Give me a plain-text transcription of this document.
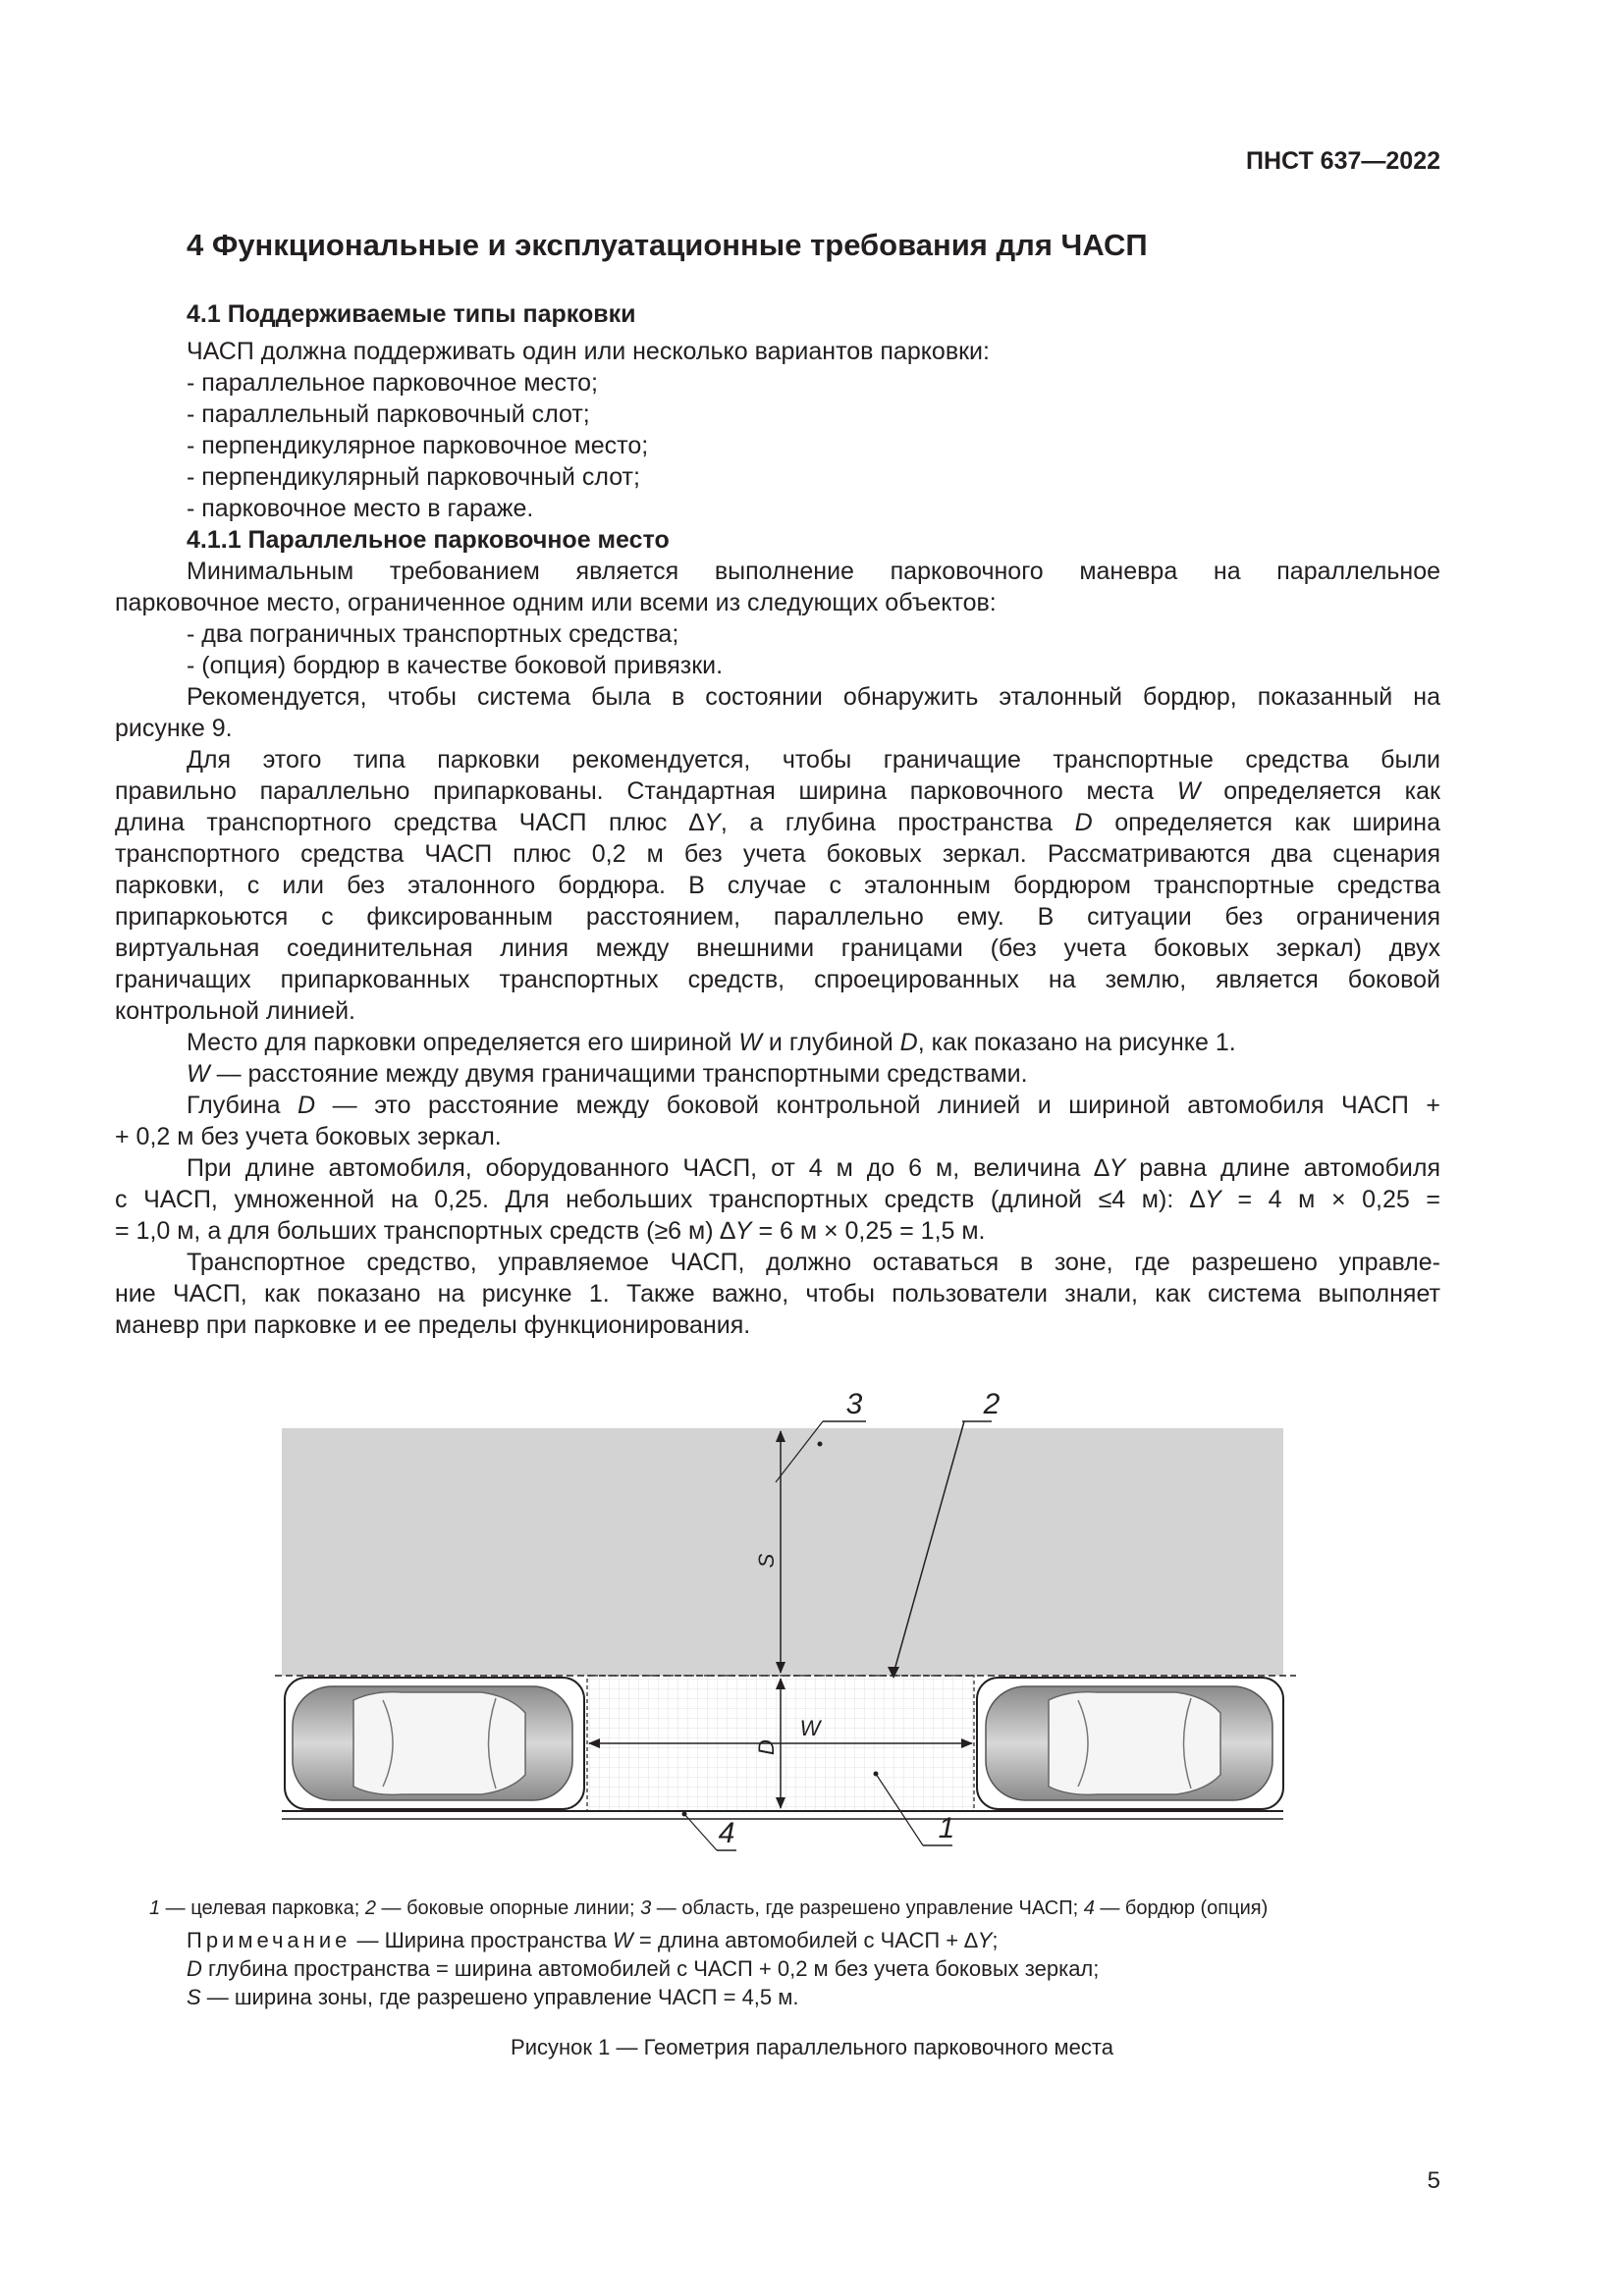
ПНСТ 637—2022
4 Функциональные и эксплуатационные требования для ЧАСП
4.1 Поддерживаемые типы парковки
ЧАСП должна поддерживать один или несколько вариантов парковки:
- параллельное парковочное место;
- параллельный парковочный слот;
- перпендикулярное парковочное место;
- перпендикулярный парковочный слот;
- парковочное место в гараже.
4.1.1 Параллельное парковочное место
Минимальным требованием является выполнение парковочного маневра на параллельное
парковочное место, ограниченное одним или всеми из следующих объектов:
- два пограничных транспортных средства;
- (опция) бордюр в качестве боковой привязки.
Рекомендуется, чтобы система была в состоянии обнаружить эталонный бордюр, показанный на
рисунке 9.
Для этого типа парковки рекомендуется, чтобы граничащие транспортные средства были
правильно параллельно припаркованы. Стандартная ширина парковочного места W определяется как
длина транспортного средства ЧАСП плюс ∆Y, а глубина пространства D определяется как ширина
транспортного средства ЧАСП плюс 0,2 м без учета боковых зеркал. Рассматриваются два сценария
парковки, с или без эталонного бордюра. В случае с эталонным бордюром транспортные средства
припаркоьются с фиксированным расстоянием, параллельно ему. В ситуации без ограничения
виртуальная соединительная линия между внешними границами (без учета боковых зеркал) двух
граничащих припаркованных транспортных средств, спроецированных на землю, является боковой
контрольной линией.
Место для парковки определяется его шириной W и глубиной D, как показано на рисунке 1.
W — расстояние между двумя граничащими транспортными средствами.
Глубина D — это расстояние между боковой контрольной линией и шириной автомобиля ЧАСП +
+ 0,2 м без учета боковых зеркал.
При длине автомобиля, оборудованного ЧАСП, от 4 м до 6 м, величина ∆Y равна длине автомобиля
с ЧАСП, умноженной на 0,25. Для небольших транспортных средств (длиной ≤4 м): ∆Y = 4 м × 0,25 =
= 1,0 м, а для больших транспортных средств (≥6 м) ∆Y = 6 м × 0,25 = 1,5 м.
Транспортное средство, управляемое ЧАСП, должно оставаться в зоне, где разрешено управле-
ние ЧАСП, как показано на рисунке 1. Также важно, чтобы пользователи знали, как система выполняет
маневр при парковке и ее пределы функционирования.
S
D
W
3	2
1
4
1 — целевая парковка; 2 — боковые опорные линии; 3 — область, где разрешено управление ЧАСП; 4 — бордюр (опция)
Примечание — Ширина пространства W = длина автомобилей с ЧАСП + ∆Y;
D глубина пространства = ширина автомобилей с ЧАСП + 0,2 м без учета боковых зеркал;
S — ширина зоны, где разрешено управление ЧАСП = 4,5 м.
Рисунок 1 — Геометрия параллельного парковочного места
5
